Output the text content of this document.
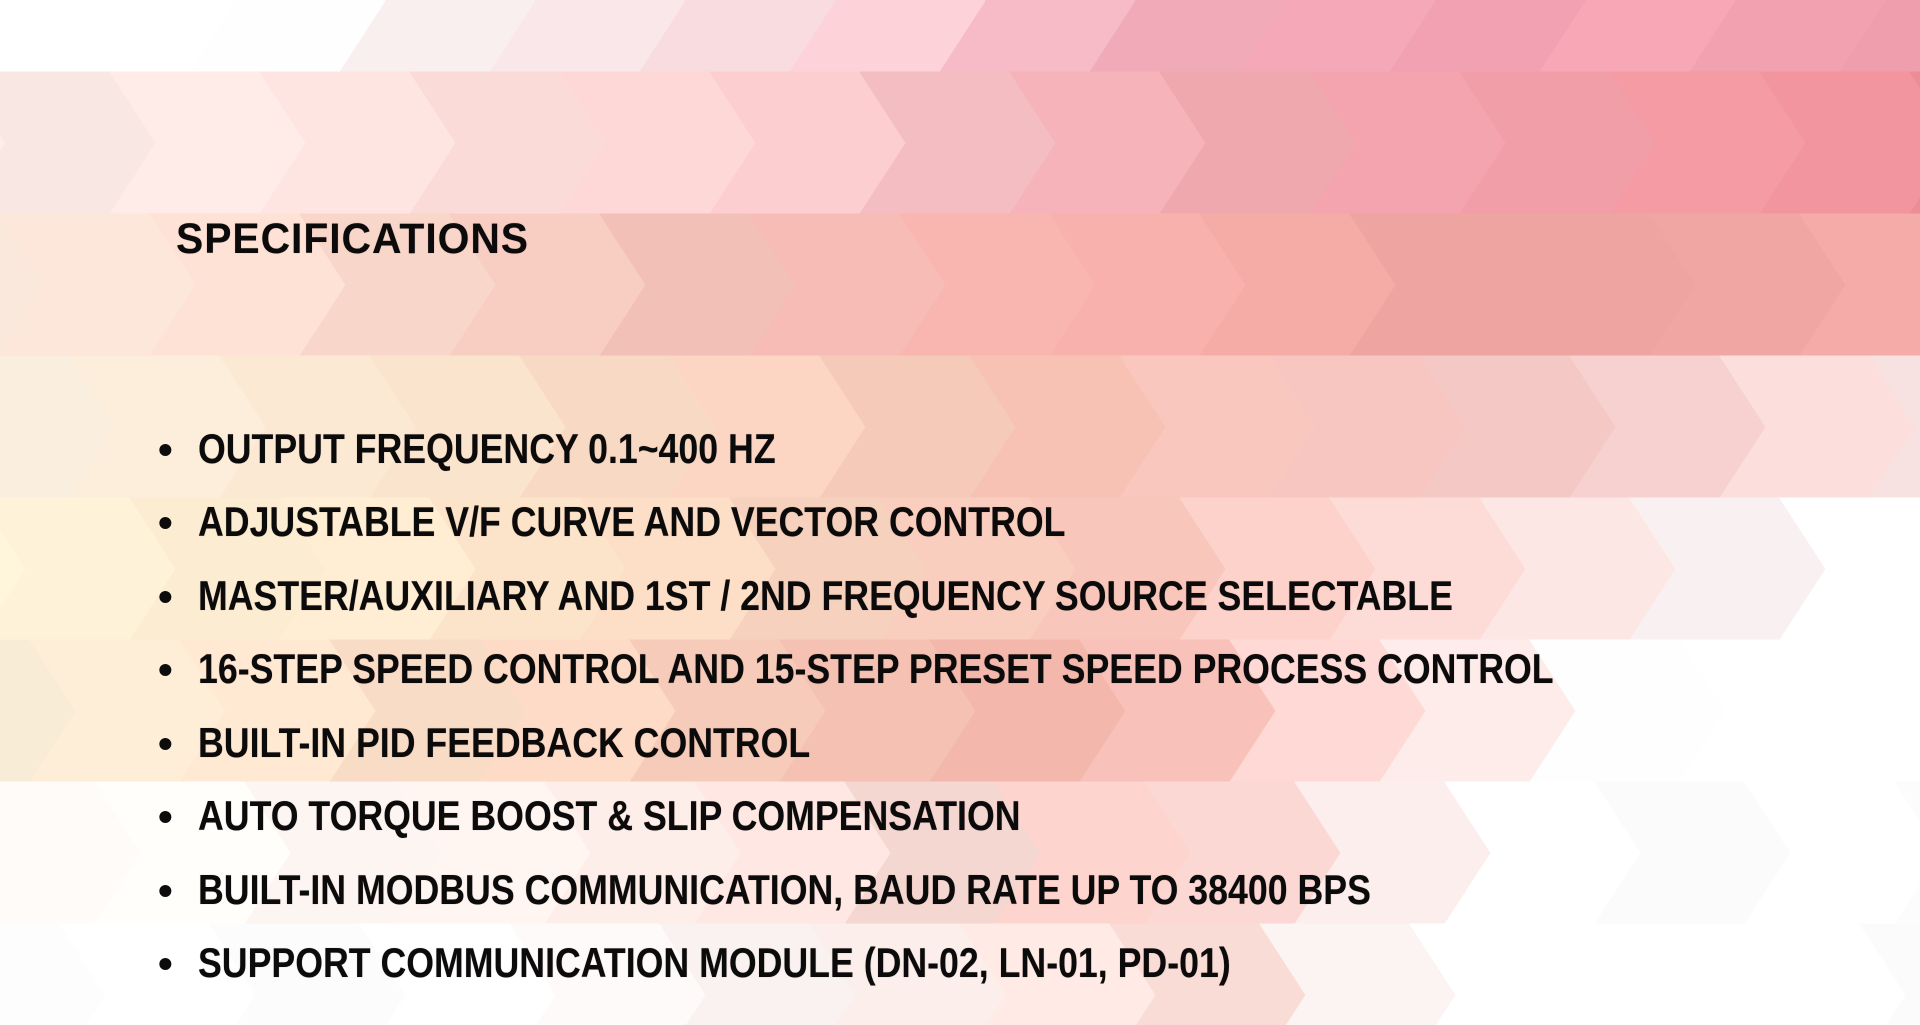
SPECIFICATIONS
• OUTPUT FREQUENCY 0.1~400 HZ
• ADJUSTABLE V/F CURVE AND VECTOR CONTROL
• MASTER/AUXILIARY AND 1ST / 2ND FREQUENCY SOURCE SELECTABLE
• 16-STEP SPEED CONTROL AND 15-STEP PRESET SPEED PROCESS CONTROL
• BUILT-IN PID FEEDBACK CONTROL
• AUTO TORQUE BOOST & SLIP COMPENSATION
• BUILT-IN MODBUS COMMUNICATION, BAUD RATE UP TO 38400 BPS
• SUPPORT COMMUNICATION MODULE (DN-02, LN-01, PD-01)
